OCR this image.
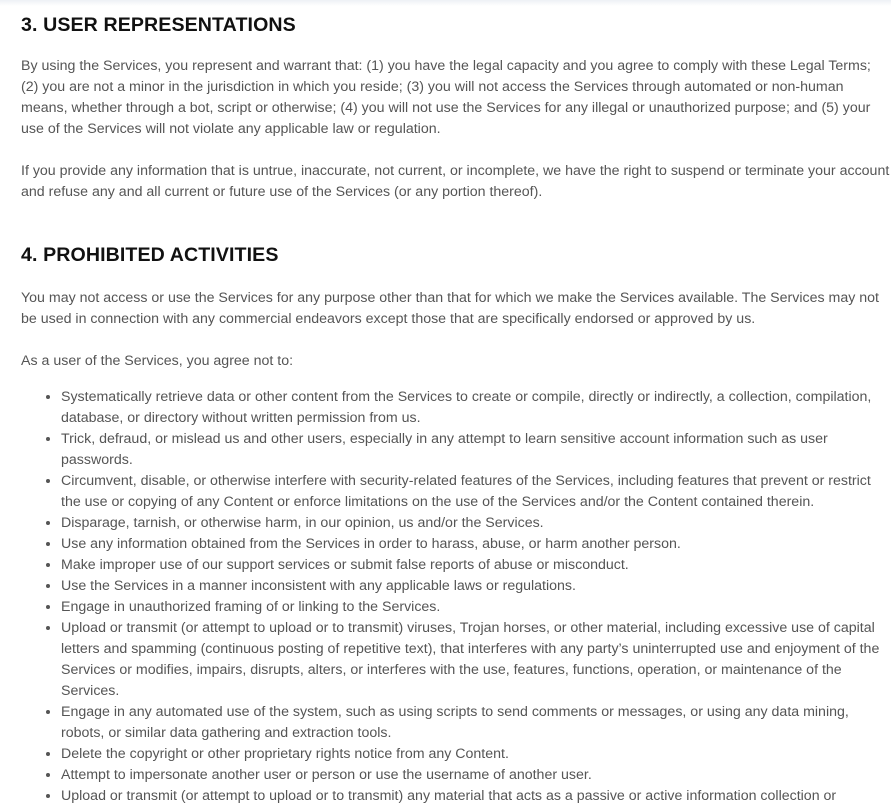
3. USER REPRESENTATIONS

By using the Services, you represent and warrant that: (1) you have the legal capacity and you agree to comply with these Legal Terms; (2) you are not a minor in the jurisdiction in which you reside; (3) you will not access the Services through automated or non-human means, whether through a bot, script or otherwise; (4) you will not use the Services for any illegal or unauthorized purpose; and (5) your use of the Services will not violate any applicable law or regulation.

If you provide any information that is untrue, inaccurate, not current, or incomplete, we have the right to suspend or terminate your account and refuse any and all current or future use of the Services (or any portion thereof).

4. PROHIBITED ACTIVITIES

You may not access or use the Services for any purpose other than that for which we make the Services available. The Services may not be used in connection with any commercial endeavors except those that are specifically endorsed or approved by us.

As a user of the Services, you agree not to:

• Systematically retrieve data or other content from the Services to create or compile, directly or indirectly, a collection, compilation, database, or directory without written permission from us.
• Trick, defraud, or mislead us and other users, especially in any attempt to learn sensitive account information such as user passwords.
• Circumvent, disable, or otherwise interfere with security-related features of the Services, including features that prevent or restrict the use or copying of any Content or enforce limitations on the use of the Services and/or the Content contained therein.
• Disparage, tarnish, or otherwise harm, in our opinion, us and/or the Services.
• Use any information obtained from the Services in order to harass, abuse, or harm another person.
• Make improper use of our support services or submit false reports of abuse or misconduct.
• Use the Services in a manner inconsistent with any applicable laws or regulations.
• Engage in unauthorized framing of or linking to the Services.
• Upload or transmit (or attempt to upload or to transmit) viruses, Trojan horses, or other material, including excessive use of capital letters and spamming (continuous posting of repetitive text), that interferes with any party’s uninterrupted use and enjoyment of the Services or modifies, impairs, disrupts, alters, or interferes with the use, features, functions, operation, or maintenance of the Services.
• Engage in any automated use of the system, such as using scripts to send comments or messages, or using any data mining, robots, or similar data gathering and extraction tools.
• Delete the copyright or other proprietary rights notice from any Content.
• Attempt to impersonate another user or person or use the username of another user.
• Upload or transmit (or attempt to upload or to transmit) any material that acts as a passive or active information collection or
